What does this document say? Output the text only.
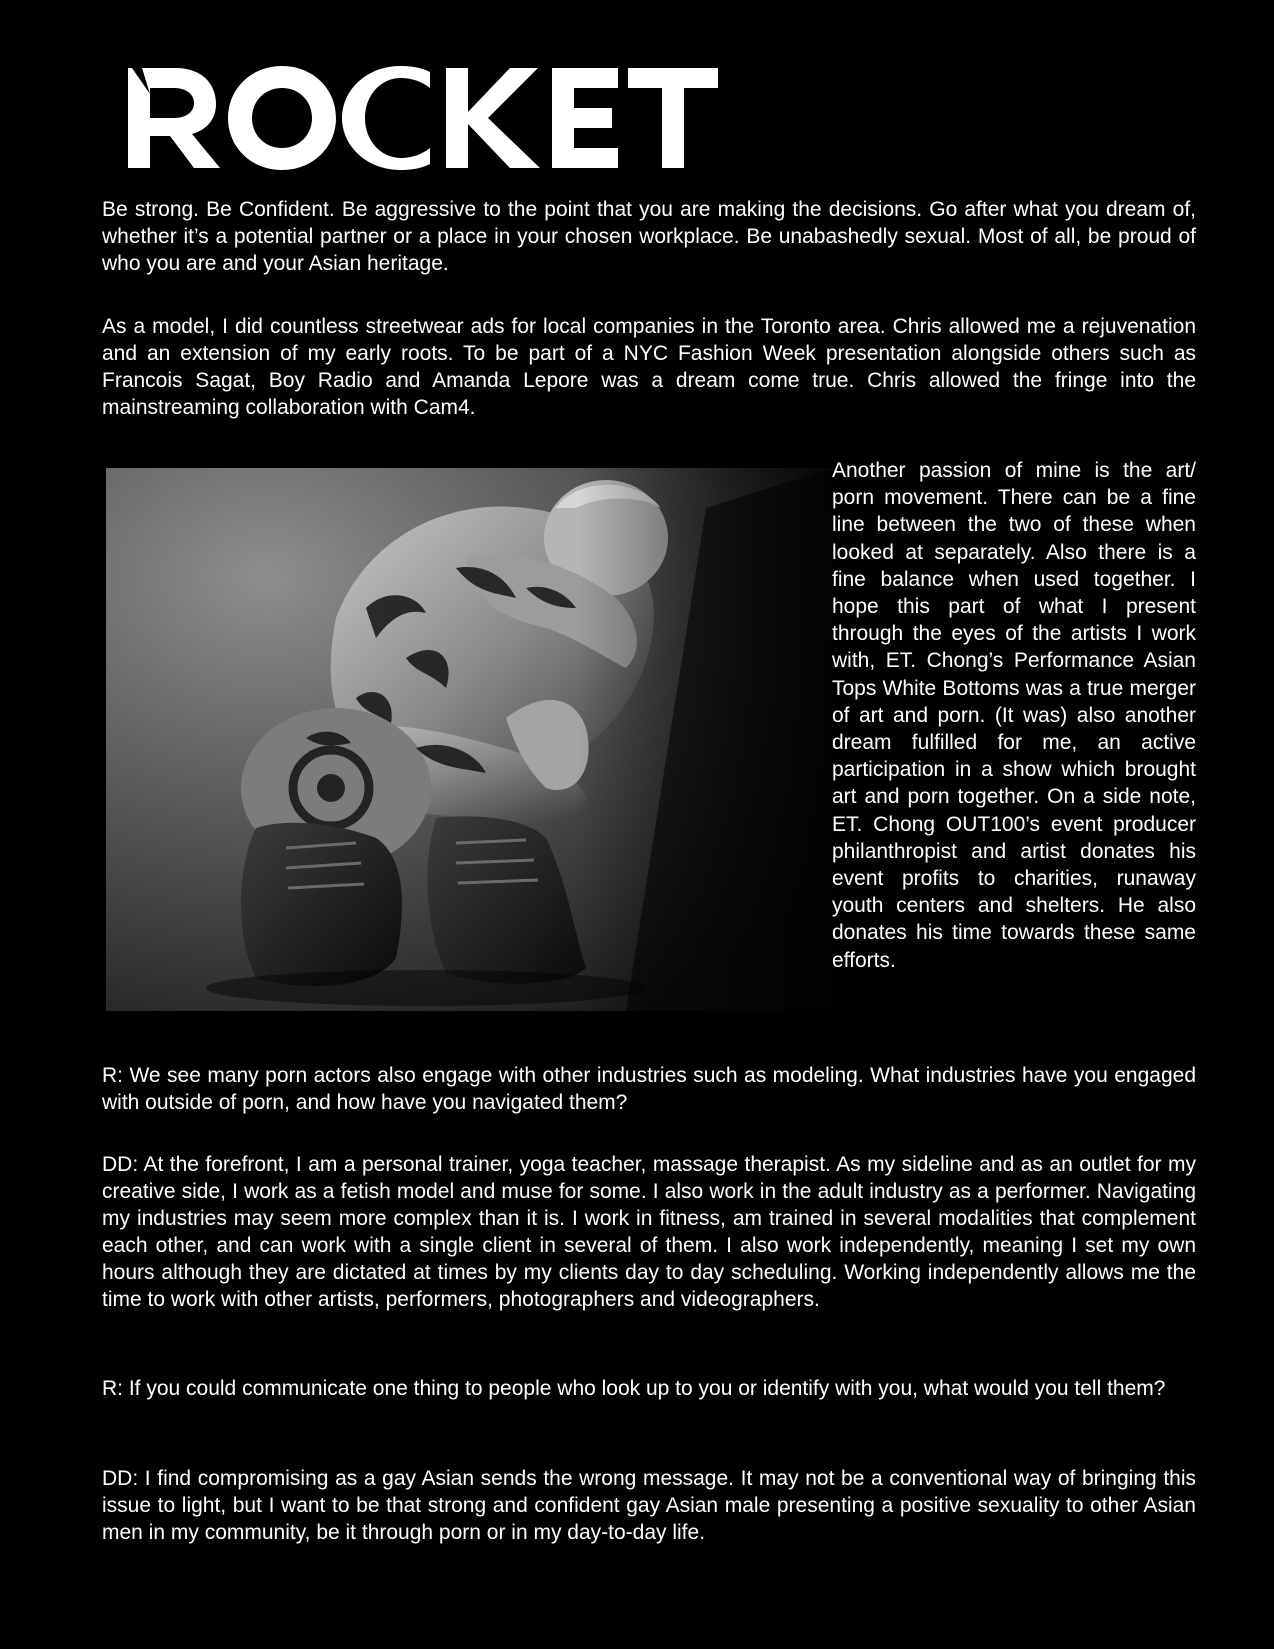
Be strong. Be Confident. Be aggressive to the point that you are making the decisions. Go after what you dream of, whether it’s a potential partner or a place in your chosen workplace. Be unabashedly sexual. Most of all, be proud of who you are and your Asian heritage.

As a model, I did countless streetwear ads for local companies in the Toronto area. Chris allowed me a rejuvenation and an extension of my early roots. To be part of a NYC Fashion Week presentation alongside others such as Francois Sagat, Boy Radio and Amanda Lepore was a dream come true. Chris allowed the fringe into the mainstreaming collaboration with Cam4.

Another passion of mine is the art/ porn movement. There can be a fine line between the two of these when looked at separately. Also there is a fine balance when used together. I hope this part of what I present through the eyes of the artists I work with, ET. Chong’s Performance Asian Tops White Bottoms was a true merger of art and porn. (It was) also another dream fulfilled for me, an active participation in a show which brought art and porn together. On a side note, ET. Chong OUT100’s event producer philanthropist and artist donates his event profits to charities, runaway youth centers and shelters. He also donates his time towards these same efforts.

R: We see many porn actors also engage with other industries such as modeling. What industries have you engaged with outside of porn, and how have you navigated them?

DD: At the forefront, I am a personal trainer, yoga teacher, massage therapist. As my sideline and as an outlet for my creative side, I work as a fetish model and muse for some. I also work in the adult industry as a performer. Navigating my industries may seem more complex than it is. I work in fitness, am trained in several modalities that complement each other, and can work with a single client in several of them. I also work independently, meaning I set my own hours although they are dictated at times by my clients day to day scheduling. Working independently allows me the time to work with other artists, performers, photographers and videographers.

R: If you could communicate one thing to people who look up to you or identify with you, what would you tell them?

DD: I find compromising as a gay Asian sends the wrong message. It may not be a conventional way of bringing this issue to light, but I want to be that strong and confident gay Asian male presenting a positive sexuality to other Asian men in my community, be it through porn or in my day-to-day life.
